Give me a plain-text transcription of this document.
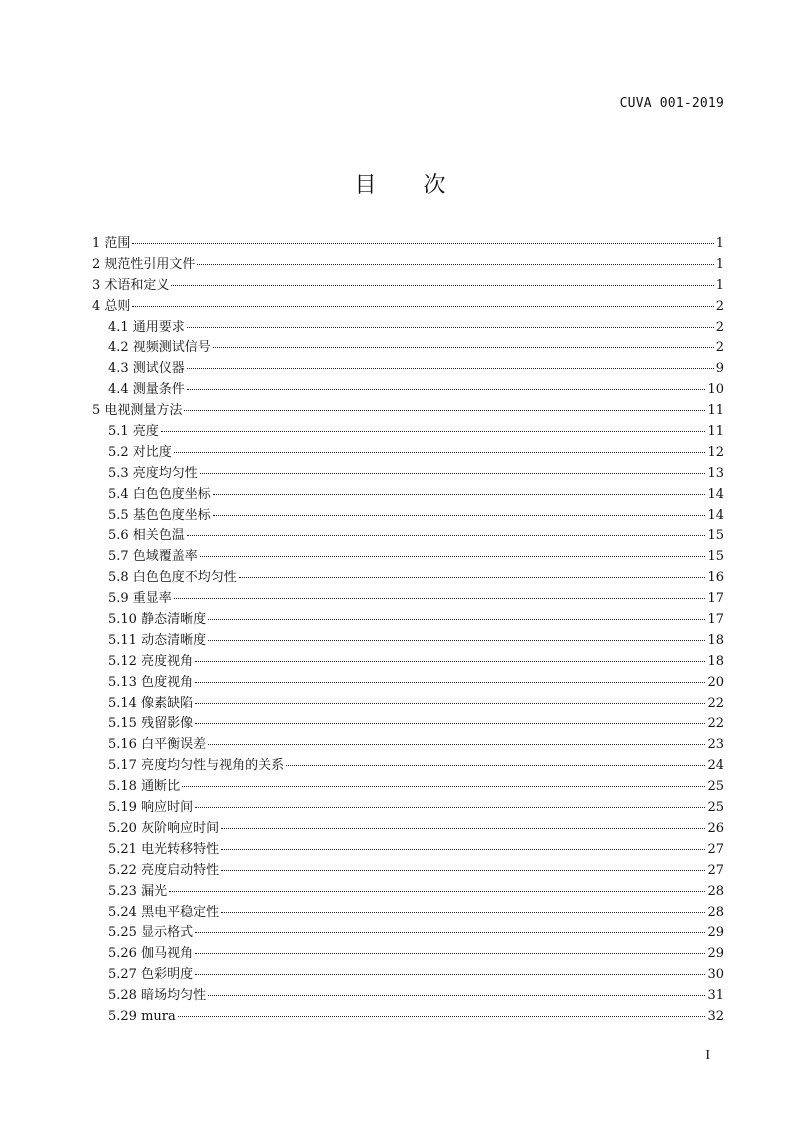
CUVA 001-2019
目 次
1 范围	1
2 规范性引用文件	1
3 术语和定义	1
4 总则	2
4.1 通用要求	2
4.2 视频测试信号	2
4.3 测试仪器	9
4.4 测量条件	10
5 电视测量方法	11
5.1 亮度	11
5.2 对比度	12
5.3 亮度均匀性	13
5.4 白色色度坐标	14
5.5 基色色度坐标	14
5.6 相关色温	15
5.7 色域覆盖率	15
5.8 白色色度不均匀性	16
5.9 重显率	17
5.10 静态清晰度	17
5.11 动态清晰度	18
5.12 亮度视角	18
5.13 色度视角	20
5.14 像素缺陷	22
5.15 残留影像	22
5.16 白平衡误差	23
5.17 亮度均匀性与视角的关系	24
5.18 通断比	25
5.19 响应时间	25
5.20 灰阶响应时间	26
5.21 电光转移特性	27
5.22 亮度启动特性	27
5.23 漏光	28
5.24 黑电平稳定性	28
5.25 显示格式	29
5.26 伽马视角	29
5.27 色彩明度	30
5.28 暗场均匀性	31
5.29 mura	32
I
